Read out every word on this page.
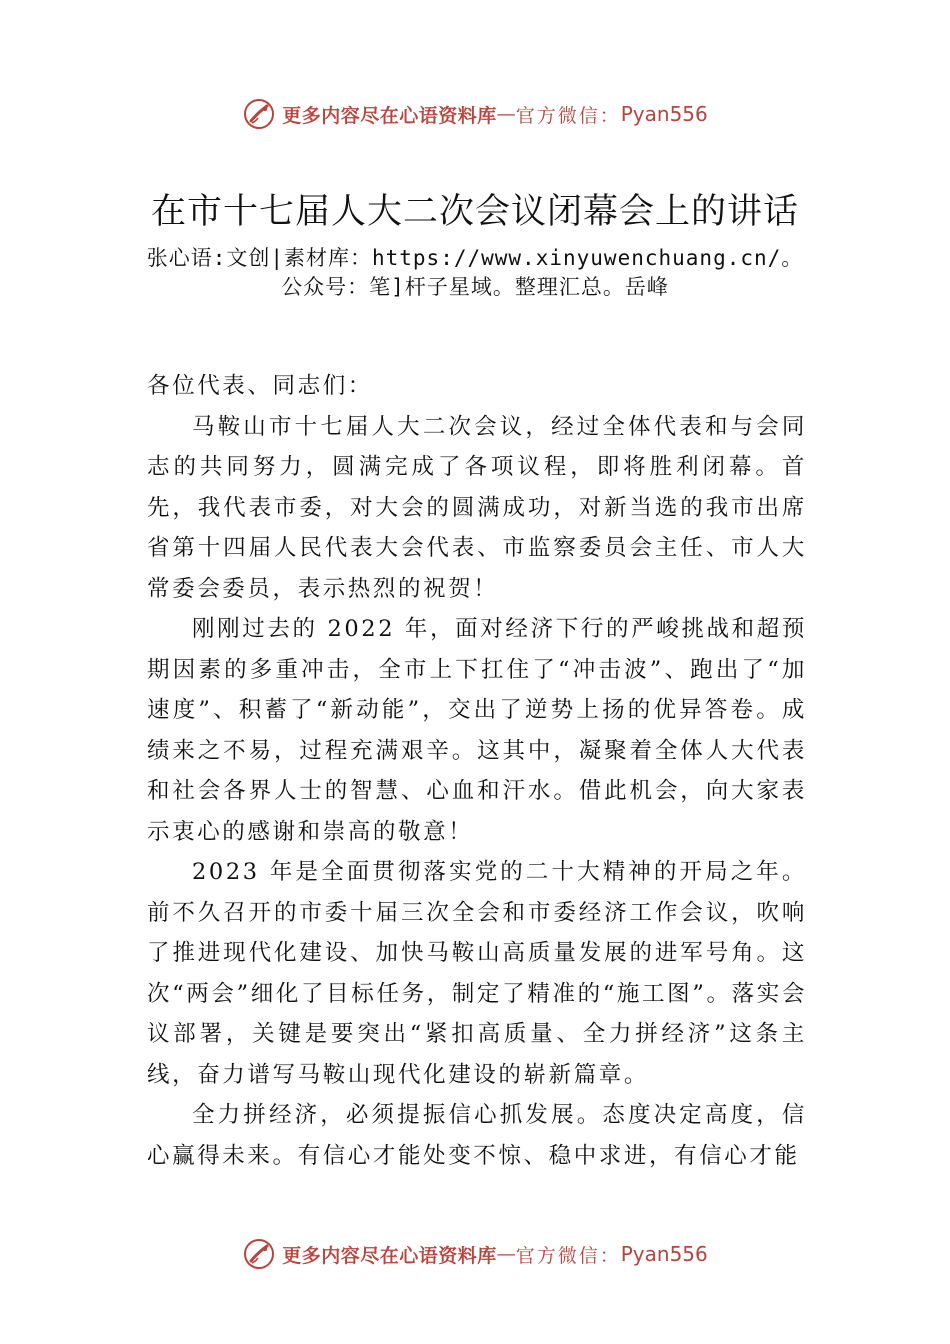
更多内容尽在心语资料库 — 官方微信： Pyan556
在市十七届人大二次会议闭幕会上的讲话
张心语:文创|素材库：https://www.xinyuwenchuang.cn/。公众号：笔]杆子星域。整理汇总。岳峰

各位代表、同志们：

马鞍山市十七届人大二次会议，经过全体代表和与会同志的共同努力，圆满完成了各项议程，即将胜利闭幕。首先，我代表市委，对大会的圆满成功，对新当选的我市出席省第十四届人民代表大会代表、市监察委员会主任、市人大常委会委员，表示热烈的祝贺！

刚刚过去的 2022 年，面对经济下行的严峻挑战和超预期因素的多重冲击，全市上下扛住了“冲击波”、跑出了“加速度”、积蓄了“新动能”，交出了逆势上扬的优异答卷。成绩来之不易，过程充满艰辛。这其中，凝聚着全体人大代表和社会各界人士的智慧、心血和汗水。借此机会，向大家表示衷心的感谢和崇高的敬意！

2023 年是全面贯彻落实党的二十大精神的开局之年。前不久召开的市委十届三次全会和市委经济工作会议，吹响了推进现代化建设、加快马鞍山高质量发展的进军号角。这次“两会”细化了目标任务，制定了精准的“施工图”。落实会议部署，关键是要突出“紧扣高质量、全力拼经济”这条主线，奋力谱写马鞍山现代化建设的崭新篇章。

全力拼经济，必须提振信心抓发展。态度决定高度，信心赢得未来。有信心才能处变不惊、稳中求进，有信心才能

更多内容尽在心语资料库 — 官方微信： Pyan556
